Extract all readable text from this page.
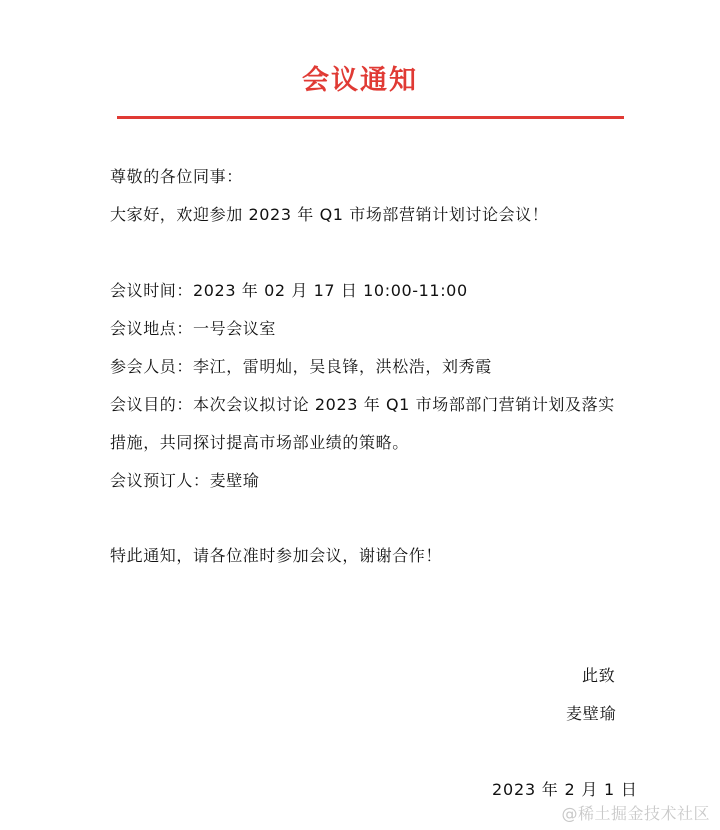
会议通知
尊敬的各位同事：
大家好，欢迎参加 2023 年 Q1 市场部营销计划讨论会议！
会议时间：2023 年 02 月 17 日 10:00-11:00
会议地点：一号会议室
参会人员：李江，雷明灿，吴良锋，洪松浩，刘秀霞
会议目的：本次会议拟讨论 2023 年 Q1 市场部部门营销计划及落实措施，共同探讨提高市场部业绩的策略。
会议预订人：麦壁瑜
特此通知，请各位准时参加会议，谢谢合作！
此致
麦壁瑜
2023 年 2 月 1 日
@稀土掘金技术社区
